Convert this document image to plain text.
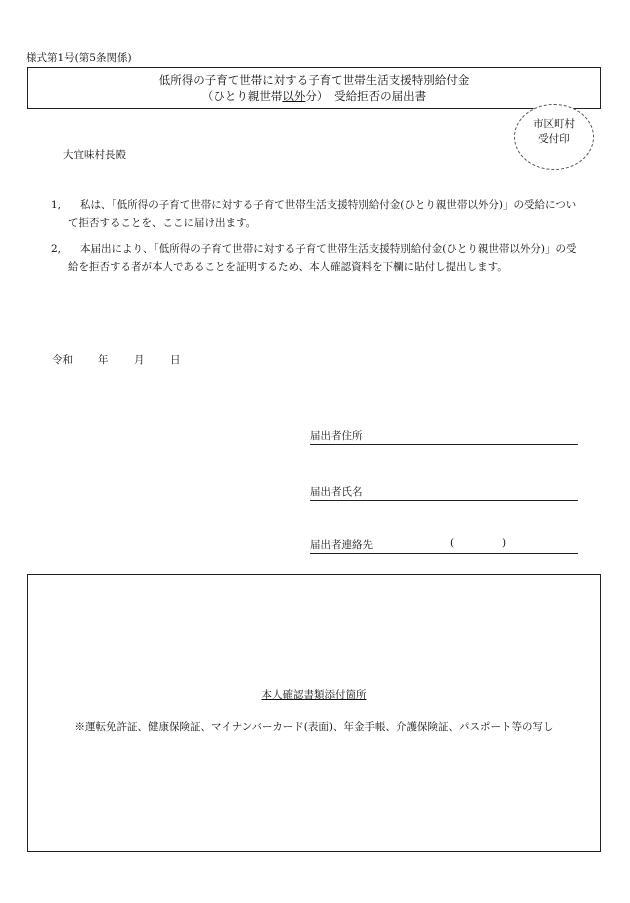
様式第1号(第5条関係)
低所得の子育て世帯に対する子育て世帯生活支援特別給付金
（ひとり親世帯以外分）　受給拒否の届出書
市区町村
受付印
大宜味村長殿
1,	私は、「低所得の子育て世帯に対する子育て世帯生活支援特別給付金(ひとり親世帯以外分)」の受給について拒否することを、ここに届け出ます。
2,	本届出により、「低所得の子育て世帯に対する子育て世帯生活支援特別給付金(ひとり親世帯以外分)」の受給を拒否する者が本人であることを証明するため、本人確認資料を下欄に貼付し提出します。
令和 年 月 日
届出者住所
届出者氏名
届出者連絡先	(	)
本人確認書類添付箇所
※運転免許証、健康保険証、マイナンバーカード(表面)、年金手帳、介護保険証、パスポート等の写し
